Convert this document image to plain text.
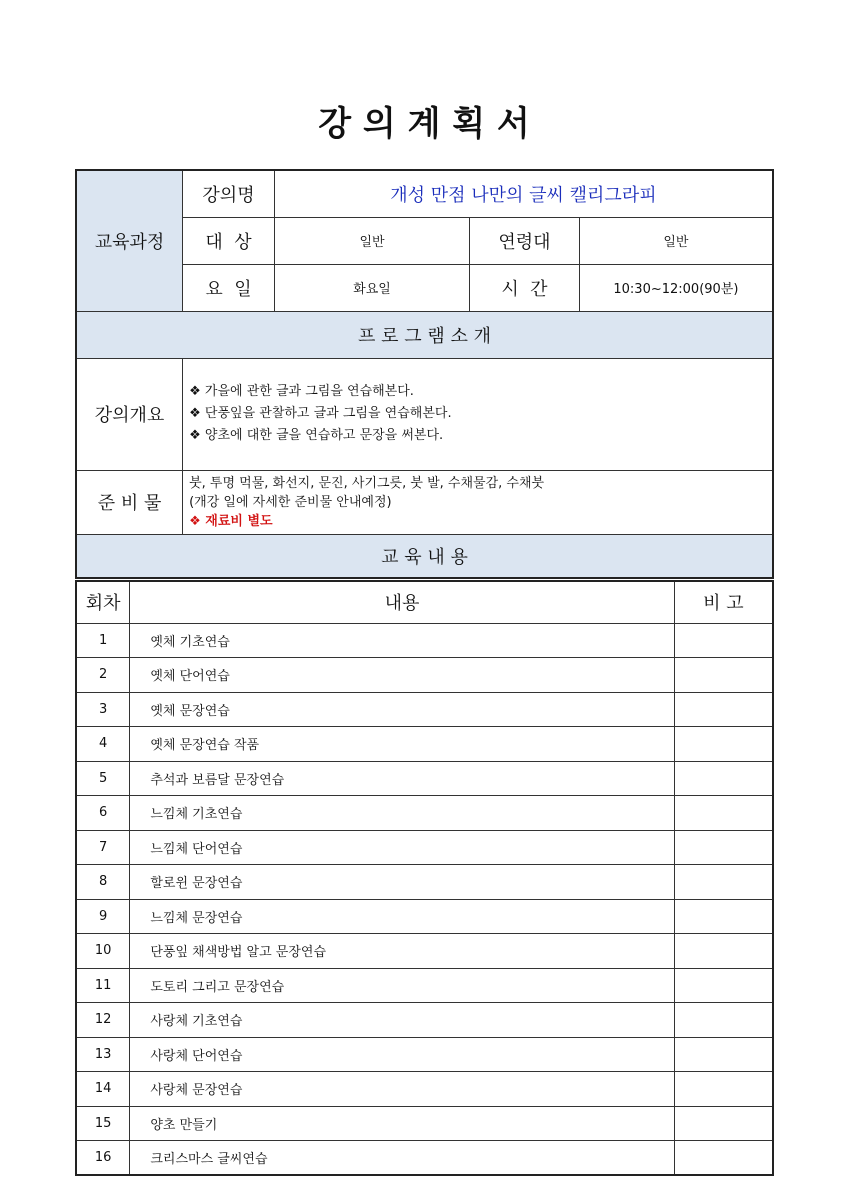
강 의 계 획 서
교육과정	강의명	개성 만점 나만의 글씨 캘리그라피		
	대  상	일반	연령대	일반
	요  일	화요일	시  간	10:30~12:00(90분)
프 로 그 램 소 개				
강의개요	❖ 가을에 관한 글과 그림을 연습해본다.
❖ 단풍잎을 관찰하고 글과 그림을 연습해본다.
❖ 양초에 대한 글을 연습하고 문장을 써본다.			

준 비 물	붓, 투명 먹물, 화선지, 문진, 사기그릇, 붓 발, 수채물감, 수채붓
(개강 일에 자세한 준비물 안내예정)
❖ 재료비 별도			

교 육 내 용				
회차	내용	비 고
1	옛체 기초연습	
2	옛체 단어연습	
3	옛체 문장연습	
4	옛체 문장연습 작품	
5	추석과 보름달 문장연습	
6	느낌체 기초연습	
7	느낌체 단어연습	
8	할로윈 문장연습	
9	느낌체 문장연습	
10	단풍잎 채색방법 알고 문장연습	
11	도토리 그리고 문장연습	
12	사랑체 기초연습	
13	사랑체 단어연습	
14	사랑체 문장연습	
15	양초 만들기	
16	크리스마스 글씨연습	
